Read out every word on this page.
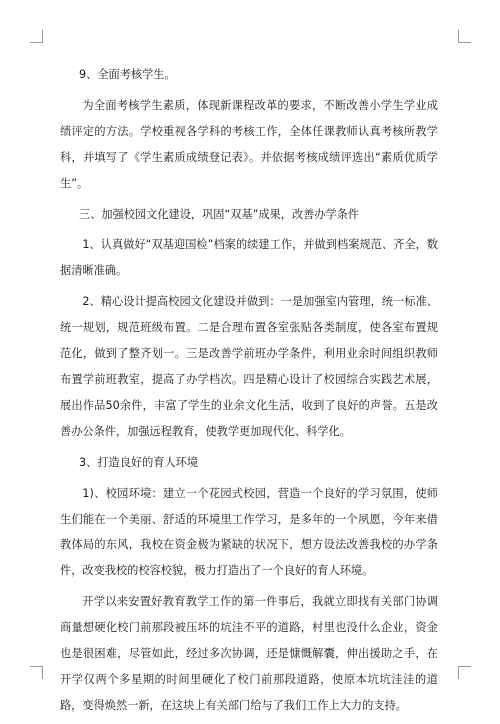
9、全面考核学生。

为全面考核学生素质，体现新课程改革的要求，不断改善小学生学业成绩评定的方法。学校重视各学科的考核工作，全体任课教师认真考核所教学科，并填写了《学生素质成绩登记表》。并依据考核成绩评选出“素质优质学生”。

三、加强校园文化建设，巩固“双基”成果，改善办学条件

1、认真做好“双基迎国检”档案的续建工作，并做到档案规范、齐全，数据清晰准确。

2、精心设计提高校园文化建设并做到：一是加强室内管理，统一标准、统一规划，规范班级布置。二是合理布置各室张贴各类制度，使各室布置规范化，做到了整齐划一。三是改善学前班办学条件，利用业余时间组织教师布置学前班教室，提高了办学档次。四是精心设计了校园综合实践艺术展，展出作品50余件，丰富了学生的业余文化生活，收到了良好的声誉。五是改善办公条件，加强远程教育，使教学更加现代化、科学化。

3、打造良好的育人环境

1)、校园环境：建立一个花园式校园，营造一个良好的学习氛围，使师生们能在一个美丽、舒适的环境里工作学习，是多年的一个夙愿，今年来借教体局的东风，我校在资金极为紧缺的状况下，想方设法改善我校的办学条件，改变我校的校容校貌，极力打造出了一个良好的育人环境。

开学以来安置好教育教学工作的第一件事后，我就立即找有关部门协调商量想硬化校门前那段被压坏的坑洼不平的道路，村里也没什么企业，资金也是很困难，尽管如此，经过多次协调，还是慷慨解囊，伸出援助之手，在开学仅两个多星期的时间里硬化了校门前那段道路，使原本坑坑洼洼的道路，变得焕然一新，在这块上有关部门给与了我们工作上大力的支持。
